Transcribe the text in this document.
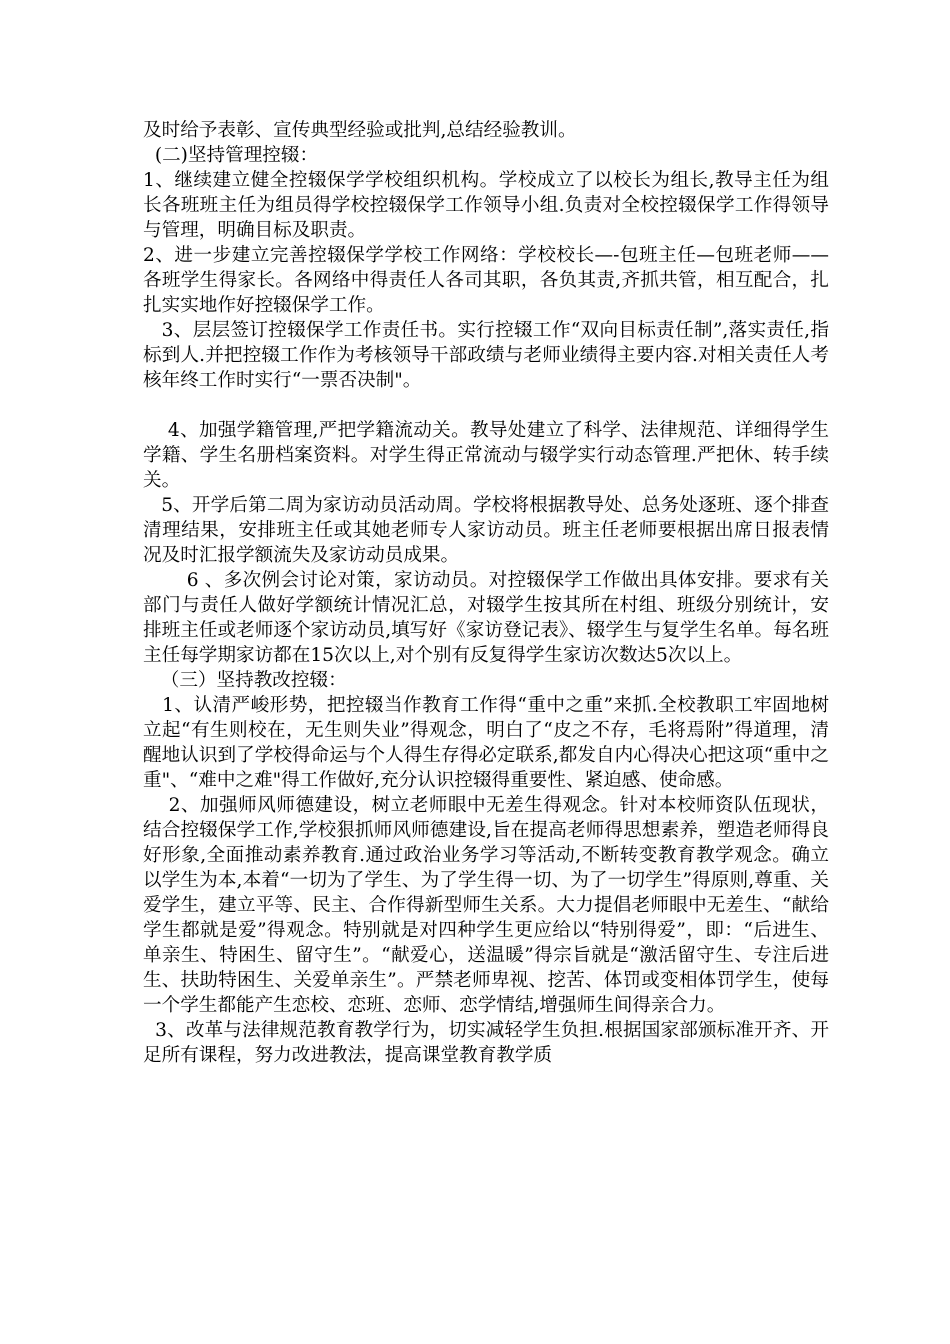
及时给予表彰、宣传典型经验或批判,总结经验教训。

(二)坚持管理控辍：

1、继续建立健全控辍保学学校组织机构。学校成立了以校长为组长,教导主任为组长各班班主任为组员得学校控辍保学工作领导小组.负责对全校控辍保学工作得领导与管理，明确目标及职责。

2、进一步建立完善控辍保学学校工作网络：学校校长—-包班主任—包班老师——各班学生得家长。各网络中得责任人各司其职，各负其责,齐抓共管，相互配合，扎扎实实地作好控辍保学工作。

3、层层签订控辍保学工作责任书。实行控辍工作“双向目标责任制”,落实责任,指标到人.并把控辍工作作为考核领导干部政绩与老师业绩得主要内容.对相关责任人考核年终工作时实行“一票否决制"。

4、加强学籍管理,严把学籍流动关。教导处建立了科学、法律规范、详细得学生学籍、学生名册档案资料。对学生得正常流动与辍学实行动态管理.严把休、转手续关。

5、开学后第二周为家访动员活动周。学校将根据教导处、总务处逐班、逐个排查清理结果，安排班主任或其她老师专人家访动员。班主任老师要根据出席日报表情况及时汇报学额流失及家访动员成果。

6 、多次例会讨论对策，家访动员。对控辍保学工作做出具体安排。要求有关部门与责任人做好学额统计情况汇总，对辍学生按其所在村组、班级分别统计，安排班主任或老师逐个家访动员,填写好《家访登记表》、辍学生与复学生名单。每名班主任每学期家访都在15次以上,对个别有反复得学生家访次数达5次以上。

（三）坚持教改控辍：

1、认清严峻形势，把控辍当作教育工作得“重中之重”来抓.全校教职工牢固地树立起“有生则校在，无生则失业”得观念，明白了“皮之不存，毛将焉附”得道理，清醒地认识到了学校得命运与个人得生存得必定联系,都发自内心得决心把这项“重中之重"、“难中之难"得工作做好,充分认识控辍得重要性、紧迫感、使命感。

2、加强师风师德建设，树立老师眼中无差生得观念。针对本校师资队伍现状，结合控辍保学工作,学校狠抓师风师德建设,旨在提高老师得思想素养，塑造老师得良好形象,全面推动素养教育.通过政治业务学习等活动,不断转变教育教学观念。确立以学生为本,本着“一切为了学生、为了学生得一切、为了一切学生”得原则,尊重、关爱学生，建立平等、民主、合作得新型师生关系。大力提倡老师眼中无差生、“献给学生都就是爱”得观念。特别就是对四种学生更应给以“特别得爱”，即：“后进生、单亲生、特困生、留守生”。“献爱心，送温暖”得宗旨就是“激活留守生、专注后进生、扶助特困生、关爱单亲生”。严禁老师卑视、挖苦、体罚或变相体罚学生，使每一个学生都能产生恋校、恋班、恋师、恋学情结,增强师生间得亲合力。

3、改革与法律规范教育教学行为，切实减轻学生负担.根据国家部颁标准开齐、开足所有课程，努力改进教法，提高课堂教育教学质
